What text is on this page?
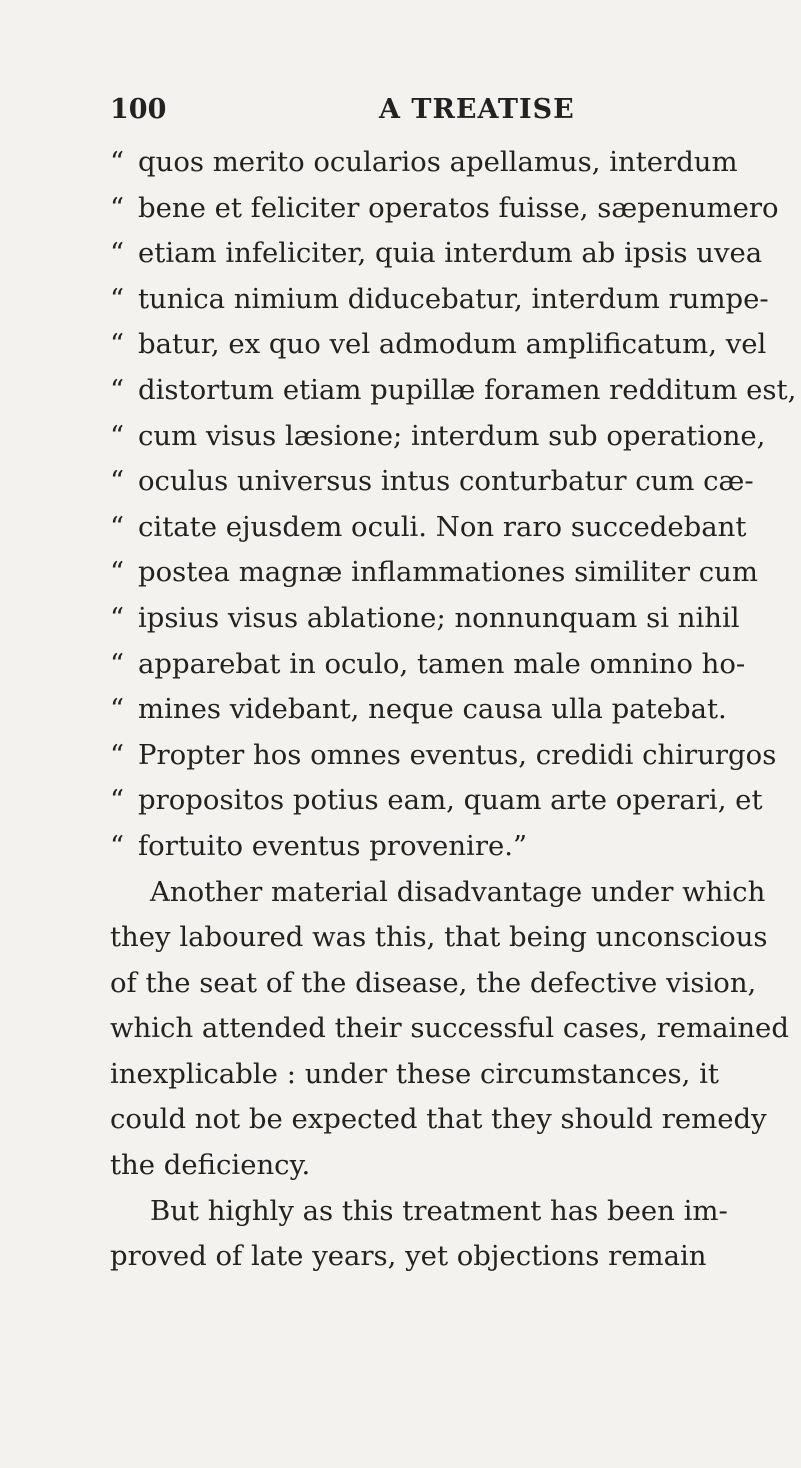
100	A TREATISE
“ quos merito ocularios apellamus, interdum
“ bene et feliciter operatos fuisse, sæpenumero
“ etiam infeliciter, quia interdum ab ipsis uvea
“ tunica nimium diducebatur, interdum rumpe-
“ batur, ex quo vel admodum amplificatum, vel
“ distortum etiam pupillæ foramen redditum est,
“ cum visus læsione; interdum sub operatione,
“ oculus universus intus conturbatur cum cæ-
“ citate ejusdem oculi. Non raro succedebant
“ postea magnæ inflammationes similiter cum
“ ipsius visus ablatione; nonnunquam si nihil
“ apparebat in oculo, tamen male omnino ho-
“ mines videbant, neque causa ulla patebat.
“ Propter hos omnes eventus, credidi chirurgos
“ propositos potius eam, quam arte operari, et
“ fortuito eventus provenire.”
Another material disadvantage under which
they laboured was this, that being unconscious
of the seat of the disease, the defective vision,
which attended their successful cases, remained
inexplicable : under these circumstances, it
could not be expected that they should remedy
the deficiency.
But highly as this treatment has been im-
proved of late years, yet objections remain
